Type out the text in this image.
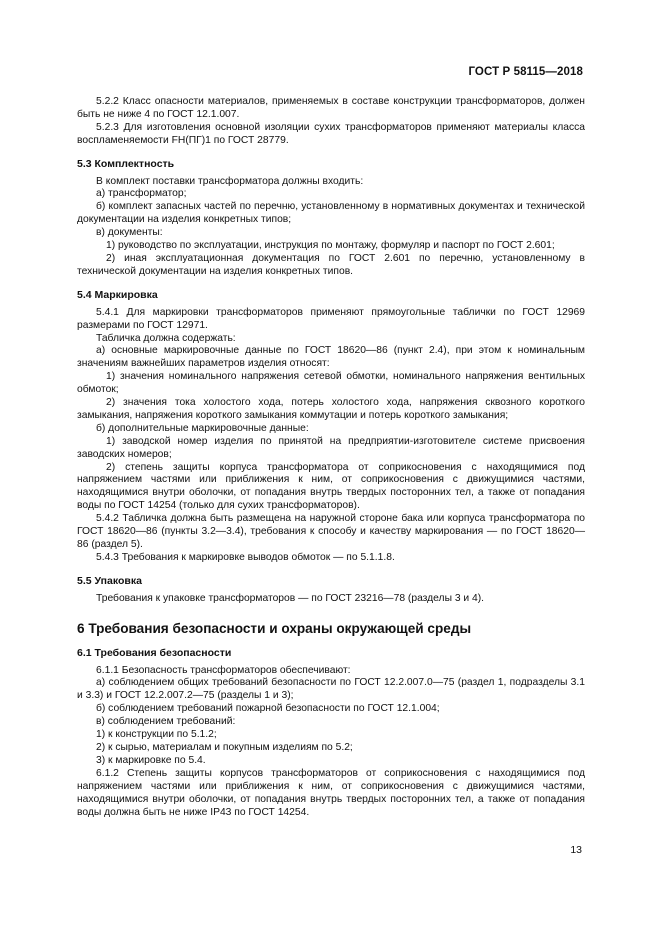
ГОСТ Р 58115—2018
5.2.2 Класс опасности материалов, применяемых в составе конструкции трансформаторов, должен быть не ниже 4 по ГОСТ 12.1.007.
5.2.3 Для изготовления основной изоляции сухих трансформаторов применяют материалы класса воспламеняемости FH(ПГ)1 по ГОСТ 28779.
5.3 Комплектность
В комплект поставки трансформатора должны входить:
а) трансформатор;
б) комплект запасных частей по перечню, установленному в нормативных документах и технической документации на изделия конкретных типов;
в) документы:
1) руководство по эксплуатации, инструкция по монтажу, формуляр и паспорт по ГОСТ 2.601;
2) иная эксплуатационная документация по ГОСТ 2.601 по перечню, установленному в технической документации на изделия конкретных типов.
5.4 Маркировка
5.4.1 Для маркировки трансформаторов применяют прямоугольные таблички по ГОСТ 12969 размерами по ГОСТ 12971.
Табличка должна содержать:
а) основные маркировочные данные по ГОСТ 18620—86 (пункт 2.4), при этом к номинальным значениям важнейших параметров изделия относят:
1) значения номинального напряжения сетевой обмотки, номинального напряжения вентильных обмоток;
2) значения тока холостого хода, потерь холостого хода, напряжения сквозного короткого замыкания, напряжения короткого замыкания коммутации и потерь короткого замыкания;
б) дополнительные маркировочные данные:
1) заводской номер изделия по принятой на предприятии-изготовителе системе присвоения заводских номеров;
2) степень защиты корпуса трансформатора от соприкосновения с находящимися под напряжением частями или приближения к ним, от соприкосновения с движущимися частями, находящимися внутри оболочки, от попадания внутрь твердых посторонних тел, а также от попадания воды по ГОСТ 14254 (только для сухих трансформаторов).
5.4.2 Табличка должна быть размещена на наружной стороне бака или корпуса трансформатора по ГОСТ 18620—86 (пункты 3.2—3.4), требования к способу и качеству маркирования — по ГОСТ 18620—86 (раздел 5).
5.4.3 Требования к маркировке выводов обмоток — по 5.1.1.8.
5.5 Упаковка
Требования к упаковке трансформаторов — по ГОСТ 23216—78 (разделы 3 и 4).
6 Требования безопасности и охраны окружающей среды
6.1 Требования безопасности
6.1.1 Безопасность трансформаторов обеспечивают:
а) соблюдением общих требований безопасности по ГОСТ 12.2.007.0—75 (раздел 1, подразделы 3.1 и 3.3) и ГОСТ 12.2.007.2—75 (разделы 1 и 3);
б) соблюдением требований пожарной безопасности по ГОСТ 12.1.004;
в) соблюдением требований:
1) к конструкции по 5.1.2;
2) к сырью, материалам и покупным изделиям по 5.2;
3) к маркировке по 5.4.
6.1.2 Степень защиты корпусов трансформаторов от соприкосновения с находящимися под напряжением частями или приближения к ним, от соприкосновения с движущимися частями, находящимися внутри оболочки, от попадания внутрь твердых посторонних тел, а также от попадания воды должна быть не ниже IP43 по ГОСТ 14254.
13
